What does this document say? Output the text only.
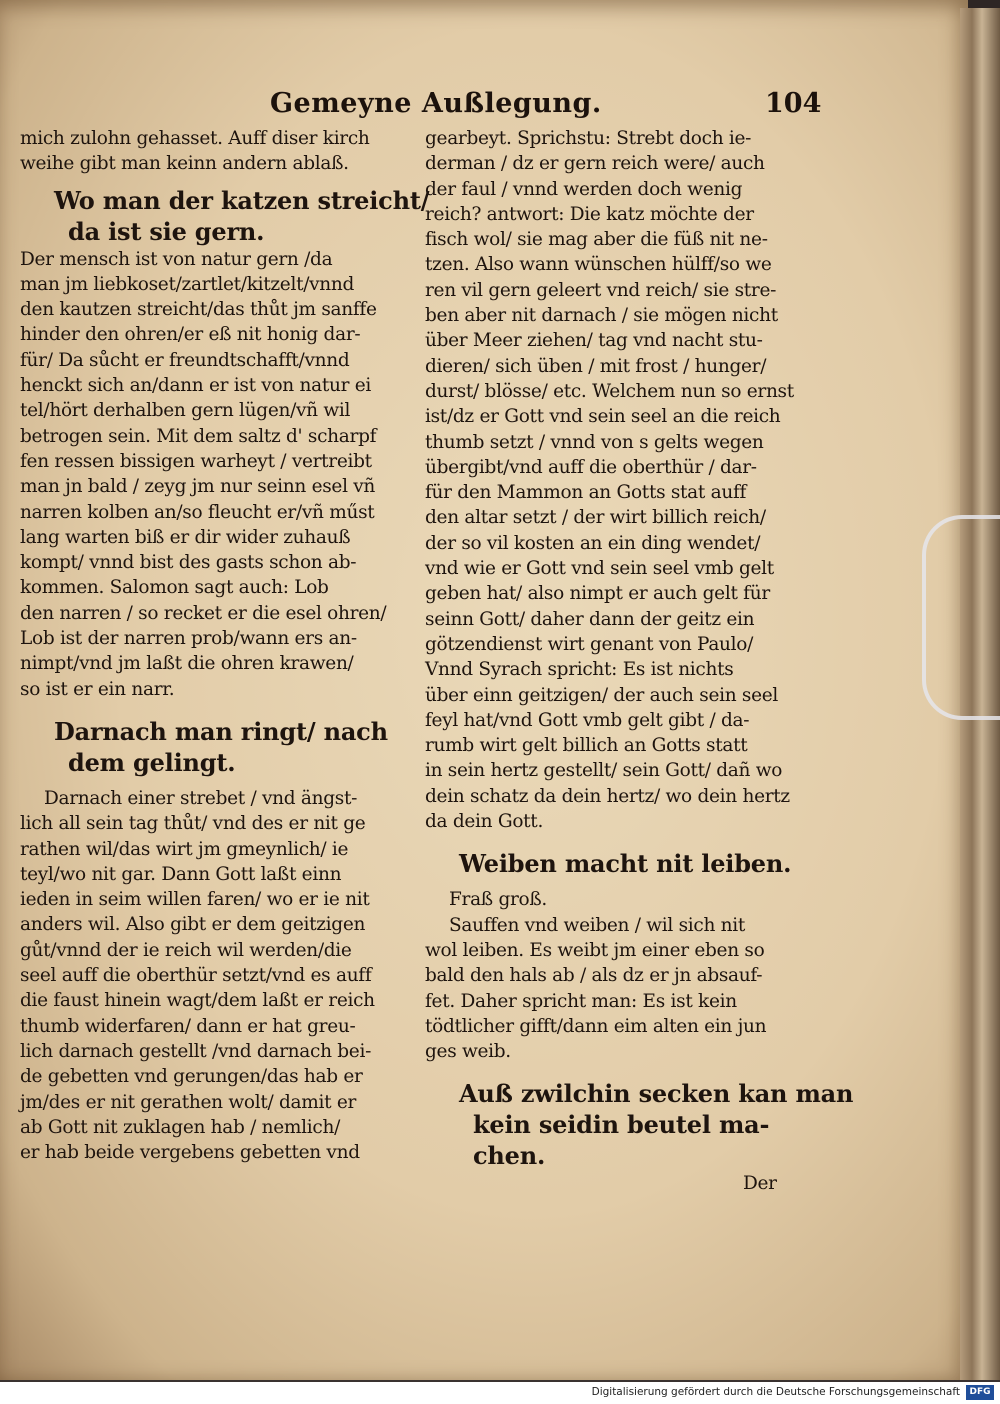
Gemeyne Außlegung.	104
mich zulohn gehasset. Auff diser kirch
weihe gibt man keinn andern ablaß.
Wo man der katzen streicht/
da ist sie gern.
Der mensch ist von natur gern /da
man jm liebkoset/zartlet/kitzelt/vnnd
den kautzen streicht/das thůt jm sanffe
hinder den ohren/er eß nit honig dar-
für/ Da sůcht er freundtschafft/vnnd
henckt sich an/dann er ist von natur ei
tel/hört derhalben gern lügen/vñ wil
betrogen sein. Mit dem saltz d' scharpf
fen ressen bissigen warheyt / vertreibt
man jn bald / zeyg jm nur seinn esel vñ
narren kolben an/so fleucht er/vñ műst
lang warten biß er dir wider zuhauß
kompt/ vnnd bist des gasts schon ab-
kommen. Salomon sagt auch: Lob
den narren / so recket er die esel ohren/
Lob ist der narren prob/wann ers an-
nimpt/vnd jm laßt die ohren krawen/
so ist er ein narr.
Darnach man ringt/ nach
dem gelingt.
Darnach einer strebet / vnd ängst-
lich all sein tag thůt/ vnd des er nit ge
rathen wil/das wirt jm gmeynlich/ ie
teyl/wo nit gar. Dann Gott laßt einn
ieden in seim willen faren/ wo er ie nit
anders wil. Also gibt er dem geitzigen
gůt/vnnd der ie reich wil werden/die
seel auff die oberthür setzt/vnd es auff
die faust hinein wagt/dem laßt er reich
thumb widerfaren/ dann er hat greu-
lich darnach gestellt /vnd darnach bei-
de gebetten vnd gerungen/das hab er
jm/des er nit gerathen wolt/ damit er
ab Gott nit zuklagen hab / nemlich/
er hab beide vergebens gebetten vnd
gearbeyt. Sprichstu: Strebt doch ie-
derman / dz er gern reich were/ auch
der faul / vnnd werden doch wenig
reich? antwort: Die katz möchte der
fisch wol/ sie mag aber die füß nit ne-
tzen. Also wann wünschen hülff/so we
ren vil gern geleert vnd reich/ sie stre-
ben aber nit darnach / sie mögen nicht
über Meer ziehen/ tag vnd nacht stu-
dieren/ sich üben / mit frost / hunger/
durst/ blösse/ etc. Welchem nun so ernst
ist/dz er Gott vnd sein seel an die reich
thumb setzt / vnnd von s gelts wegen
übergibt/vnd auff die oberthür / dar-
für den Mammon an Gotts stat auff
den altar setzt / der wirt billich reich/
der so vil kosten an ein ding wendet/
vnd wie er Gott vnd sein seel vmb gelt
geben hat/ also nimpt er auch gelt für
seinn Gott/ daher dann der geitz ein
götzendienst wirt genant von Paulo/
Vnnd Syrach spricht: Es ist nichts
über einn geitzigen/ der auch sein seel
feyl hat/vnd Gott vmb gelt gibt / da-
rumb wirt gelt billich an Gotts statt
in sein hertz gestellt/ sein Gott/ dañ wo
dein schatz da dein hertz/ wo dein hertz
da dein Gott.
Weiben macht nit leiben.
Fraß groß.
Sauffen vnd weiben / wil sich nit
wol leiben. Es weibt jm einer eben so
bald den hals ab / als dz er jn absauf-
fet. Daher spricht man: Es ist kein
tödtlicher gifft/dann eim alten ein jun
ges weib.
Auß zwilchin secken kan man
kein seidin beutel ma-
chen.
Der
Digitalisierung gefördert durch die Deutsche Forschungsgemeinschaft	DFG
